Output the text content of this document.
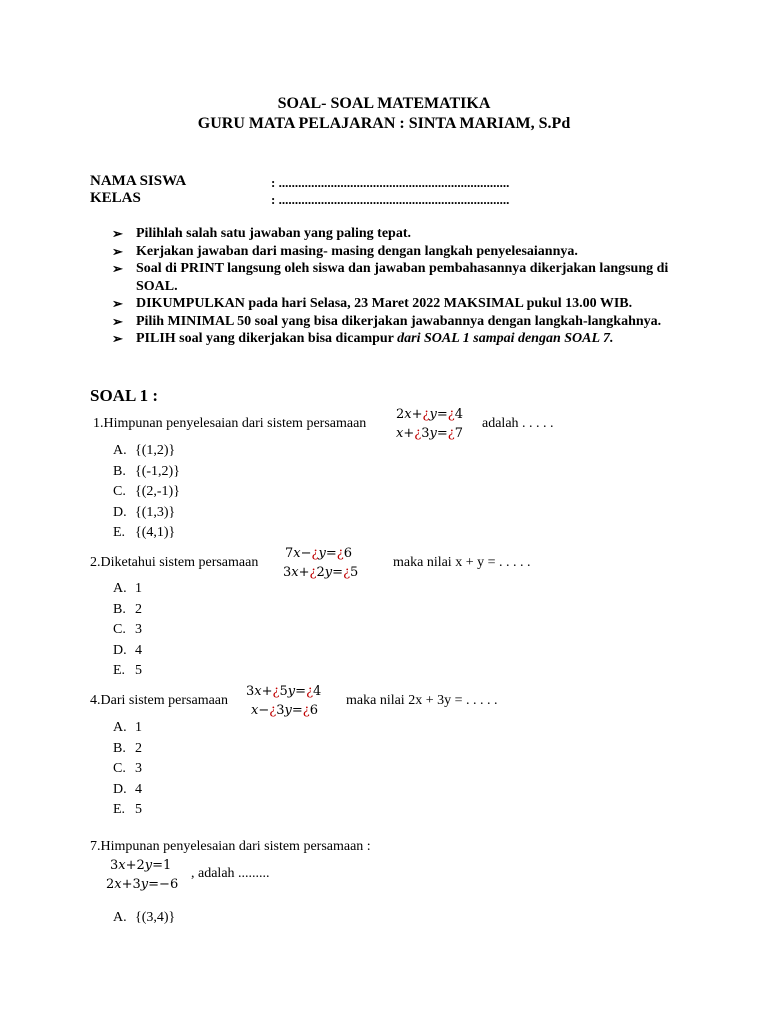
SOAL- SOAL MATEMATIKA
GURU MATA PELAJARAN : SINTA MARIAM, S.Pd
NAMA SISWA	: .......................................................................
KELAS	: .......................................................................
➢ Pilihlah salah satu jawaban yang paling tepat.
➢ Kerjakan jawaban dari masing- masing dengan langkah penyelesaiannya.
➢ Soal di PRINT langsung oleh siswa dan jawaban pembahasannya dikerjakan langsung di SOAL.
➢ DIKUMPULKAN pada hari Selasa, 23 Maret 2022 MAKSIMAL pukul 13.00 WIB.
➢ Pilih MINIMAL 50 soal yang bisa dikerjakan jawabannya dengan langkah-langkahnya.
➢ PILIH soal yang dikerjakan bisa dicampur dari SOAL 1 sampai dengan SOAL 7.
SOAL 1 :
1.Himpunan penyelesaian dari sistem persamaan
2x+¿y=¿4
x+¿3y=¿7
adalah . . . . .
A. {(1,2)}
B. {(-1,2)}
C. {(2,-1)}
D. {(1,3)}
E. {(4,1)}
2.Diketahui sistem persamaan
7x−¿y=¿6
3x+¿2y=¿5
maka nilai x + y = . . . . .
A. 1
B. 2
C. 3
D. 4
E. 5
4.Dari sistem persamaan
3x+¿5y=¿4
x−¿3y=¿6
maka nilai 2x + 3y = . . . . .
A. 1
B. 2
C. 3
D. 4
E. 5
7.Himpunan penyelesaian dari sistem persamaan :
3x+2y=1
2x+3y=−6
, adalah .........
A. {(3,4)}
